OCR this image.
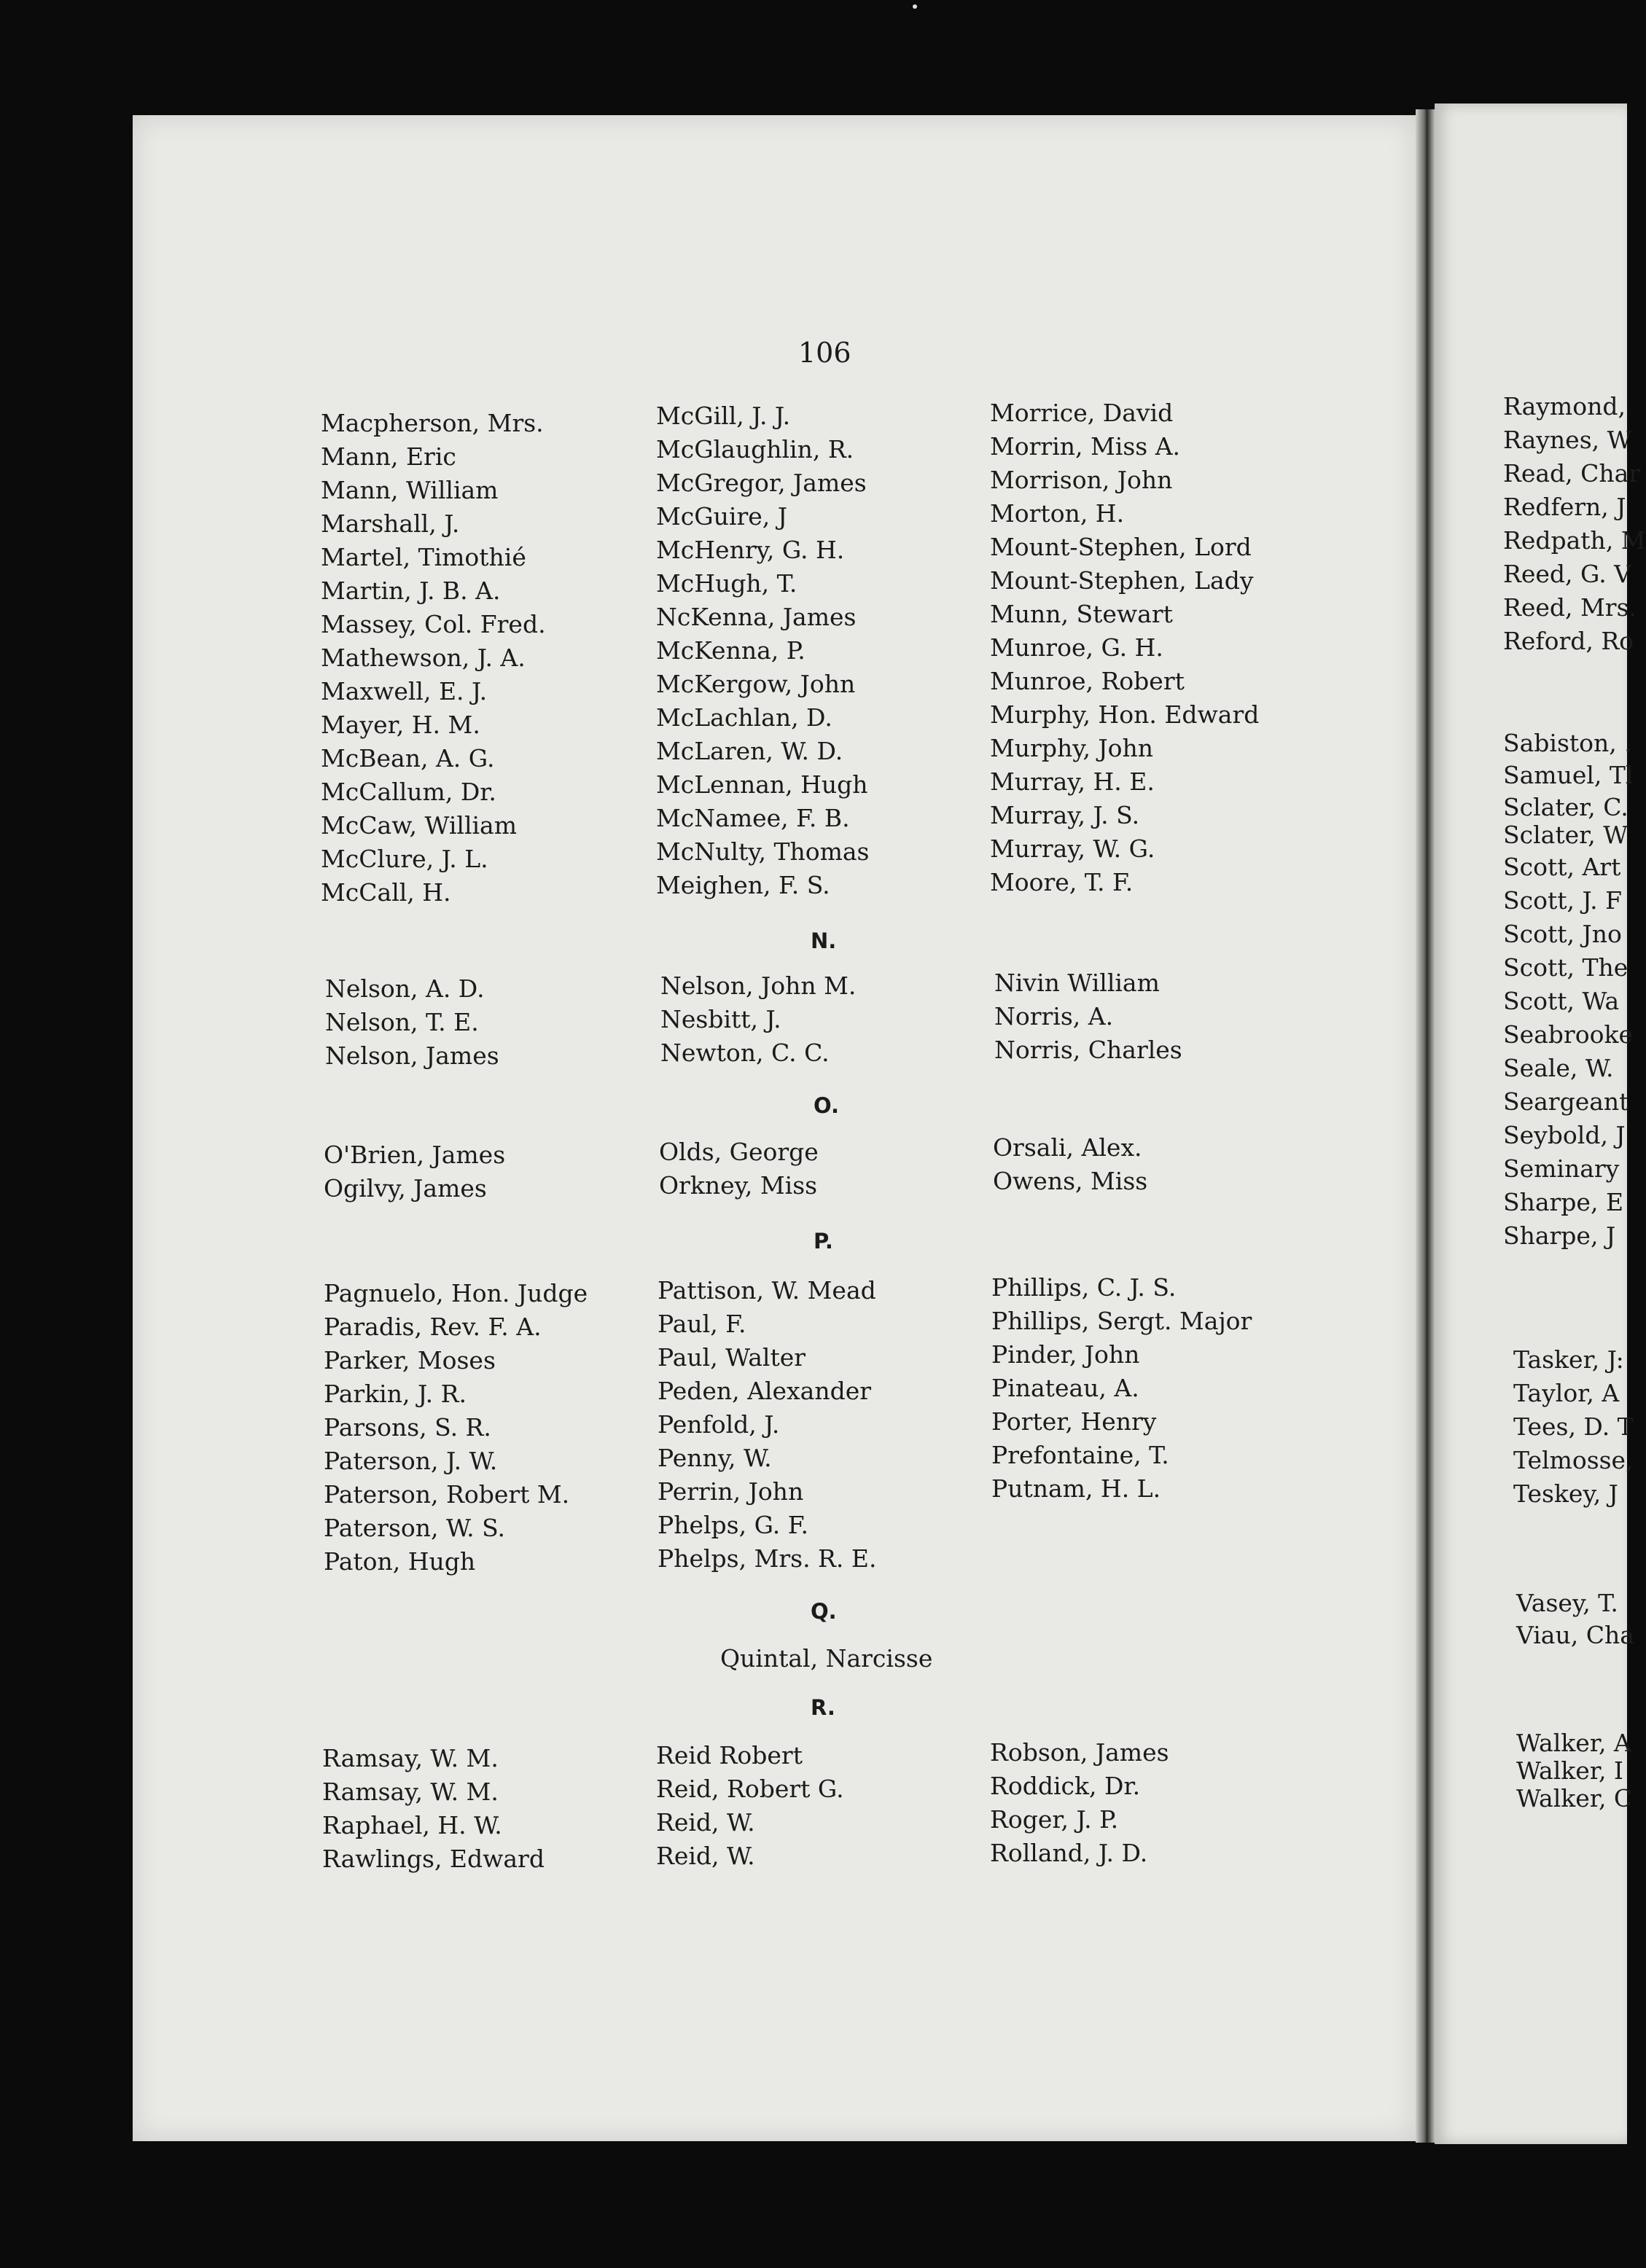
106
Macpherson, Mrs.
Mann, Eric
Mann, William
Marshall, J.
Martel, Timothié
Martin, J. B. A.
Massey, Col. Fred.
Mathewson, J. A.
Maxwell, E. J.
Mayer, H. M.
McBean, A. G.
McCallum, Dr.
McCaw, William
McClure, J. L.
McCall, H.
McGill, J. J.
McGlaughlin, R.
McGregor, James
McGuire, J
McHenry, G. H.
McHugh, T.
NcKenna, James
McKenna, P.
McKergow, John
McLachlan, D.
McLaren, W. D.
McLennan, Hugh
McNamee, F. B.
McNulty, Thomas
Meighen, F. S.
Morrice, David
Morrin, Miss A.
Morrison, John
Morton, H.
Mount-Stephen, Lord
Mount-Stephen, Lady
Munn, Stewart
Munroe, G. H.
Munroe, Robert
Murphy, Hon. Edward
Murphy, John
Murray, H. E.
Murray, J. S.
Murray, W. G.
Moore, T. F.
N.
Nelson, A. D.
Nelson, T. E.
Nelson, James
Nelson, John M.
Nesbitt, J.
Newton, C. C.
Nivin William
Norris, A.
Norris, Charles
O.
O'Brien, James
Ogilvy, James
Olds, George
Orkney, Miss
Orsali, Alex.
Owens, Miss
P.
Pagnuelo, Hon. Judge
Paradis, Rev. F. A.
Parker, Moses
Parkin, J. R.
Parsons, S. R.
Paterson, J. W.
Paterson, Robert M.
Paterson, W. S.
Paton, Hugh
Pattison, W. Mead
Paul, F.
Paul, Walter
Peden, Alexander
Penfold, J.
Penny, W.
Perrin, John
Phelps, G. F.
Phelps, Mrs. R. E.
Phillips, C. J. S.
Phillips, Sergt. Major
Pinder, John
Pinateau, A.
Porter, Henry
Prefontaine, T.
Putnam, H. L.
Q.
Quintal, Narcisse
R.
Ramsay, W. M.
Ramsay, W. M.
Raphael, H. W.
Rawlings, Edward
Reid Robert
Reid, Robert G.
Reid, W.
Reid, W.
Robson, James
Roddick, Dr.
Roger, J. P.
Rolland, J. D.
Raymond,
Raynes, W
Read, Char
Redfern, J
Redpath, M
Reed, G. V
Reed, Mrs.
Reford, Ro
Sabiston, .
Samuel, Tl
Sclater, C.
Sclater, W
Scott, Art
Scott, J. F
Scott, Jno
Scott, The
Scott, Wa
Seabrooke
Seale, W.
Seargeant
Seybold, J
Seminary
Sharpe, E
Sharpe, J
Tasker, J:
Taylor, A
Tees, D. T
Telmosse,
Teskey, J
Vasey, T.
Viau, Cha
Walker, A
Walker, I
Walker, C
